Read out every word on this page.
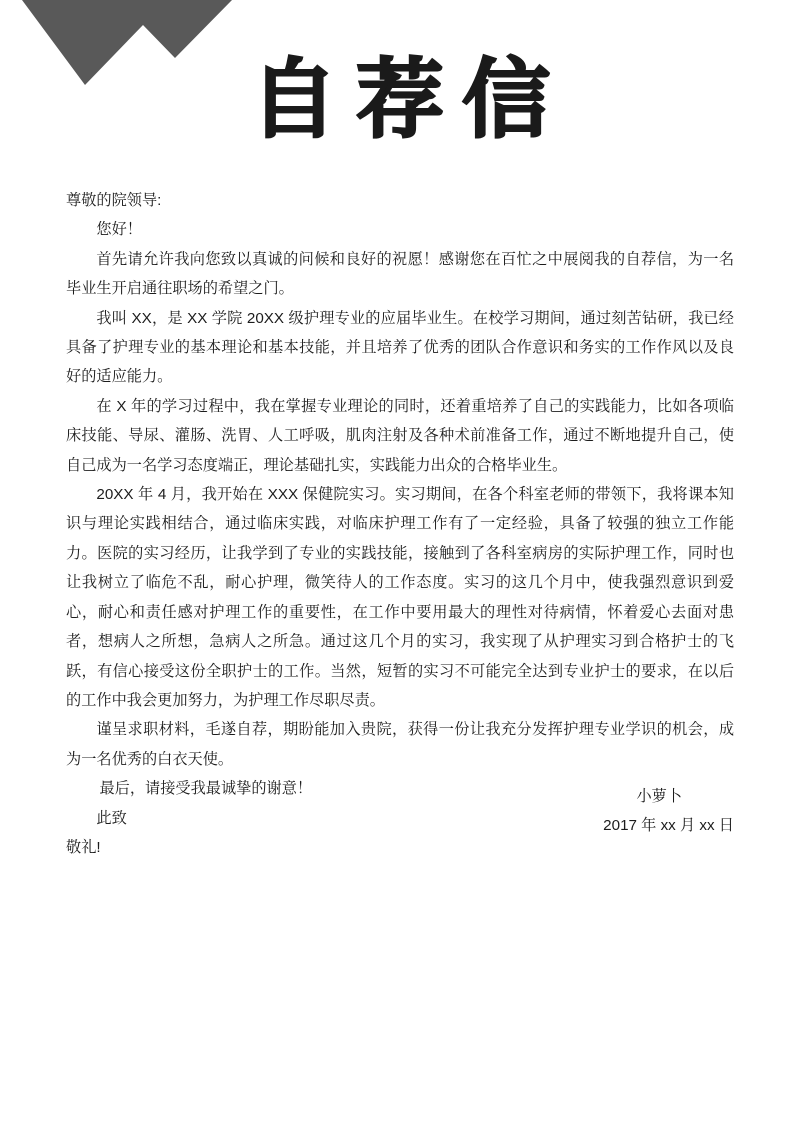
自荐信

尊敬的院领导:

您好！

首先请允许我向您致以真诚的问候和良好的祝愿！感谢您在百忙之中展阅我的自荐信，为一名毕业生开启通往职场的希望之门。

我叫 XX，是 XX 学院 20XX 级护理专业的应届毕业生。在校学习期间，通过刻苦钻研，我已经具备了护理专业的基本理论和基本技能，并且培养了优秀的团队合作意识和务实的工作作风以及良好的适应能力。

在 X 年的学习过程中，我在掌握专业理论的同时，还着重培养了自己的实践能力，比如各项临床技能、导尿、灌肠、洗胃、人工呼吸，肌肉注射及各种术前准备工作，通过不断地提升自己，使自己成为一名学习态度端正，理论基础扎实，实践能力出众的合格毕业生。

20XX 年 4 月，我开始在 XXX 保健院实习。实习期间，在各个科室老师的带领下，我将课本知识与理论实践相结合，通过临床实践，对临床护理工作有了一定经验，具备了较强的独立工作能力。医院的实习经历，让我学到了专业的实践技能，接触到了各科室病房的实际护理工作，同时也让我树立了临危不乱，耐心护理，微笑待人的工作态度。实习的这几个月中，使我强烈意识到爱心，耐心和责任感对护理工作的重要性，在工作中要用最大的理性对待病情，怀着爱心去面对患者，想病人之所想，急病人之所急。通过这几个月的实习，我实现了从护理实习到合格护士的飞跃，有信心接受这份全职护士的工作。当然，短暂的实习不可能完全达到专业护士的要求，在以后的工作中我会更加努力，为护理工作尽职尽责。

谨呈求职材料，毛遂自荐，期盼能加入贵院，获得一份让我充分发挥护理专业学识的机会，成为一名优秀的白衣天使。

最后，请接受我最诚挚的谢意！

此致

敬礼!

小萝卜
2017 年 xx 月 xx 日
